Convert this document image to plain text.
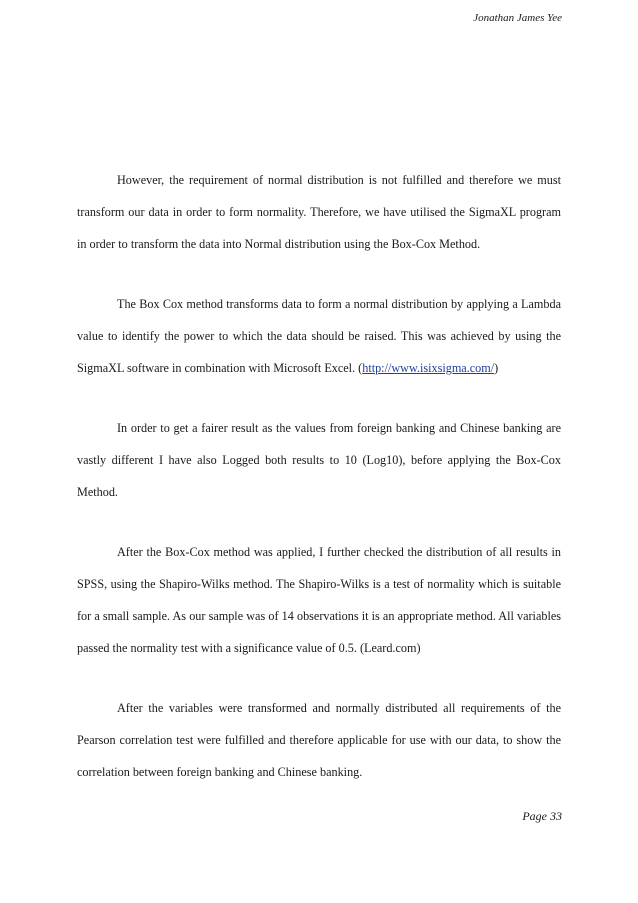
Jonathan James Yee

However, the requirement of normal distribution is not fulfilled and therefore we must transform our data in order to form normality. Therefore, we have utilised the SigmaXL program in order to transform the data into Normal distribution using the Box-Cox Method.

The Box Cox method transforms data to form a normal distribution by applying a Lambda value to identify the power to which the data should be raised. This was achieved by using the SigmaXL software in combination with Microsoft Excel. (http://www.isixsigma.com/)

In order to get a fairer result as the values from foreign banking and Chinese banking are vastly different I have also Logged both results to 10 (Log10), before applying the Box-Cox Method.

After the Box-Cox method was applied, I further checked the distribution of all results in SPSS, using the Shapiro-Wilks method. The Shapiro-Wilks is a test of normality which is suitable for a small sample. As our sample was of 14 observations it is an appropriate method. All variables passed the normality test with a significance value of 0.5. (Leard.com)

After the variables were transformed and normally distributed all requirements of the Pearson correlation test were fulfilled and therefore applicable for use with our data, to show the correlation between foreign banking and Chinese banking.

Page 33
